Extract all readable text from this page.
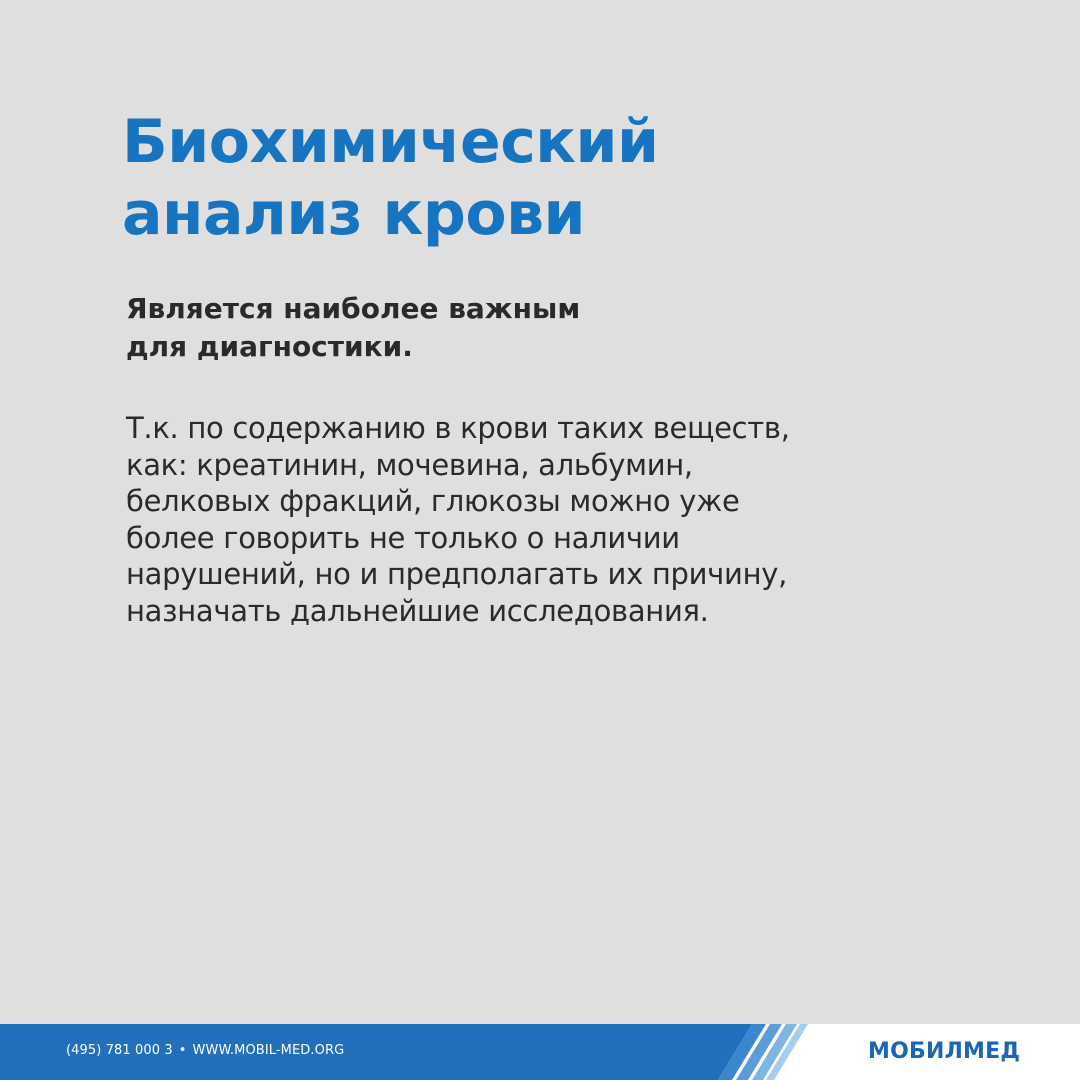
Биохимический
анализ крови

Является наиболее важным
для диагностики.

Т.к. по содержанию в крови таких веществ,
как: креатинин, мочевина, альбумин,
белковых фракций, глюкозы можно уже
более говорить не только о наличии
нарушений, но и предполагать их причину,
назначать дальнейшие исследования.

(495) 781 000 3 • WWW.MOBIL-MED.ORG	МОБИЛМЕД
